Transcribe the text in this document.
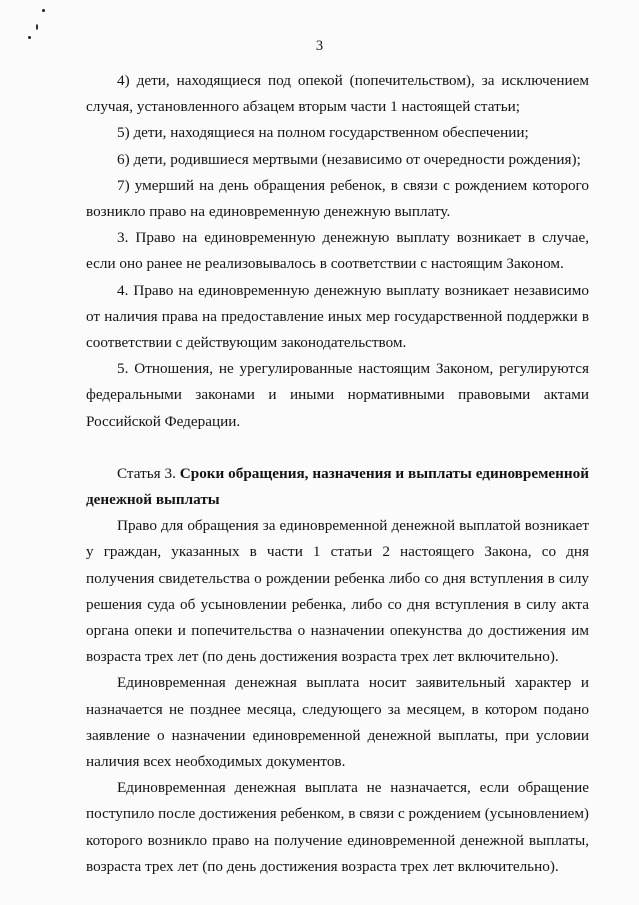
3

4) дети, находящиеся под опекой (попечительством), за исключением случая, установленного абзацем вторым части 1 настоящей статьи;

5) дети, находящиеся на полном государственном обеспечении;

6) дети, родившиеся мертвыми (независимо от очередности рождения);

7) умерший на день обращения ребенок, в связи с рождением которого возникло право на единовременную денежную выплату.

3. Право на единовременную денежную выплату возникает в случае, если оно ранее не реализовывалось в соответствии с настоящим Законом.

4. Право на единовременную денежную выплату возникает независимо от наличия права на предоставление иных мер государственной поддержки в соответствии с действующим законодательством.

5. Отношения, не урегулированные настоящим Законом, регулируются федеральными законами и иными нормативными правовыми актами Российской Федерации.

Статья 3. Сроки обращения, назначения и выплаты единовременной денежной выплаты

Право для обращения за единовременной денежной выплатой возникает у граждан, указанных в части 1 статьи 2 настоящего Закона, со дня получения свидетельства о рождении ребенка либо со дня вступления в силу решения суда об усыновлении ребенка, либо со дня вступления в силу акта органа опеки и попечительства о назначении опекунства до достижения им возраста трех лет (по день достижения возраста трех лет включительно).

Единовременная денежная выплата носит заявительный характер и назначается не позднее месяца, следующего за месяцем, в котором подано заявление о назначении единовременной денежной выплаты, при условии наличия всех необходимых документов.

Единовременная денежная выплата не назначается, если обращение поступило после достижения ребенком, в связи с рождением (усыновлением) которого возникло право на получение единовременной денежной выплаты, возраста трех лет (по день достижения возраста трех лет включительно).
